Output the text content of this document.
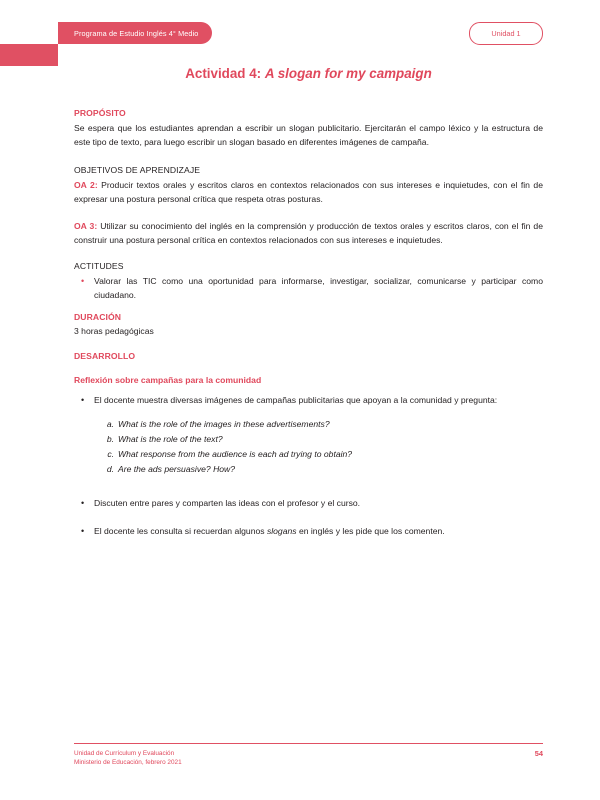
Programa de Estudio Inglés 4° Medio	Unidad 1
Actividad 4: A slogan for my campaign
PROPÓSITO

Se espera que los estudiantes aprendan a escribir un slogan publicitario. Ejercitarán el campo léxico y la estructura de este tipo de texto, para luego escribir un slogan basado en diferentes imágenes de campaña.

OBJETIVOS DE APRENDIZAJE

OA 2: Producir textos orales y escritos claros en contextos relacionados con sus intereses e inquietudes, con el fin de expresar una postura personal crítica que respeta otras posturas.

OA 3: Utilizar su conocimiento del inglés en la comprensión y producción de textos orales y escritos claros, con el fin de construir una postura personal crítica en contextos relacionados con sus intereses e inquietudes.

ACTITUDES
• Valorar las TIC como una oportunidad para informarse, investigar, socializar, comunicarse y participar como ciudadano.
DURACIÓN
3 horas pedagógicas
DESARROLLO
Reflexión sobre campañas para la comunidad
• El docente muestra diversas imágenes de campañas publicitarias que apoyan a la comunidad y pregunta:
a. What is the role of the images in these advertisements?
b. What is the role of the text?
c. What response from the audience is each ad trying to obtain?
d. Are the ads persuasive? How?
• Discuten entre pares y comparten las ideas con el profesor y el curso.
• El docente les consulta si recuerdan algunos slogans en inglés y les pide que los comenten.
Unidad de Currículum y Evaluación
Ministerio de Educación, febrero 2021
54
